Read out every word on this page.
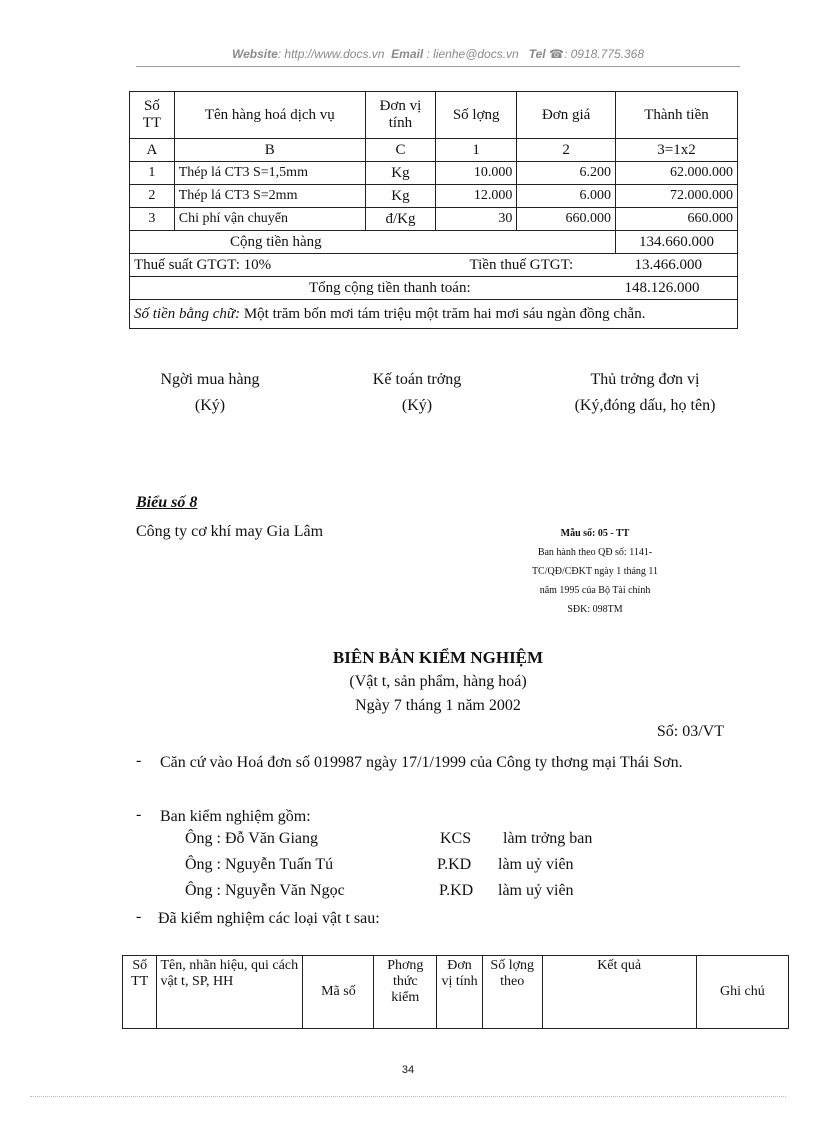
Website: http://www.docs.vn Email : lienhe@docs.vn Tel ☎: 0918.775.368
Số TT	Tên hàng hoá dịch vụ	Đơn vị tính	Số lợng	Đơn giá	Thành tiền
A	B	C	1	2	3=1x2
1	Thép lá CT3 S=1,5mm	Kg	10.000	6.200	62.000.000
2	Thép lá CT3 S=2mm	Kg	12.000	6.000	72.000.000
3	Chi phí vận chuyển	đ/Kg	30	660.000	660.000
Cộng tiền hàng					134.660.000
Thuế suất GTGT: 10% Tiền thuế GTGT: 13.466.000					

Tổng cộng tiền thanh toán: 148.126.000					

Số tiền bằng chữ: Một trăm bốn mơi tám triệu một trăm hai mơi sáu ngàn đồng chẵn.					
Ngời mua hàng
(Ký)
Kế toán trởng
(Ký)
Thủ trởng đơn vị
(Ký,đóng dấu, họ tên)
Biểu số 8
Công ty cơ khí may Gia Lâm	Mẫu số: 05 - TT
Ban hành theo QĐ số: 1141-
TC/QĐ/CĐKT ngày 1 tháng 11
năm 1995 của Bộ Tài chính
SĐK: 098TM
BIÊN BẢN KIỂM NGHIỆM
(Vật t, sản phẩm, hàng hoá)
Ngày 7 tháng 1 năm 2002
Số: 03/VT
- Căn cứ vào Hoá đơn số 019987 ngày 17/1/1999 của Công ty thơng mại Thái Sơn.
- Ban kiểm nghiệm gồm:
Ông : Đỗ Văn Giang	KCS làm trởng ban
Ông : Nguyễn Tuấn Tú	P.KD làm uỷ viên
Ông : Nguyễn Văn Ngọc	P.KD làm uỷ viên
- Đã kiểm nghiệm các loại vật t sau:
Số TT	Tên, nhãn hiệu, qui cách vật t, SP, HH	Mã số	Phơng thức kiểm	Đơn vị tính	Số lợng theo	Kết quả	Ghi chú
34
